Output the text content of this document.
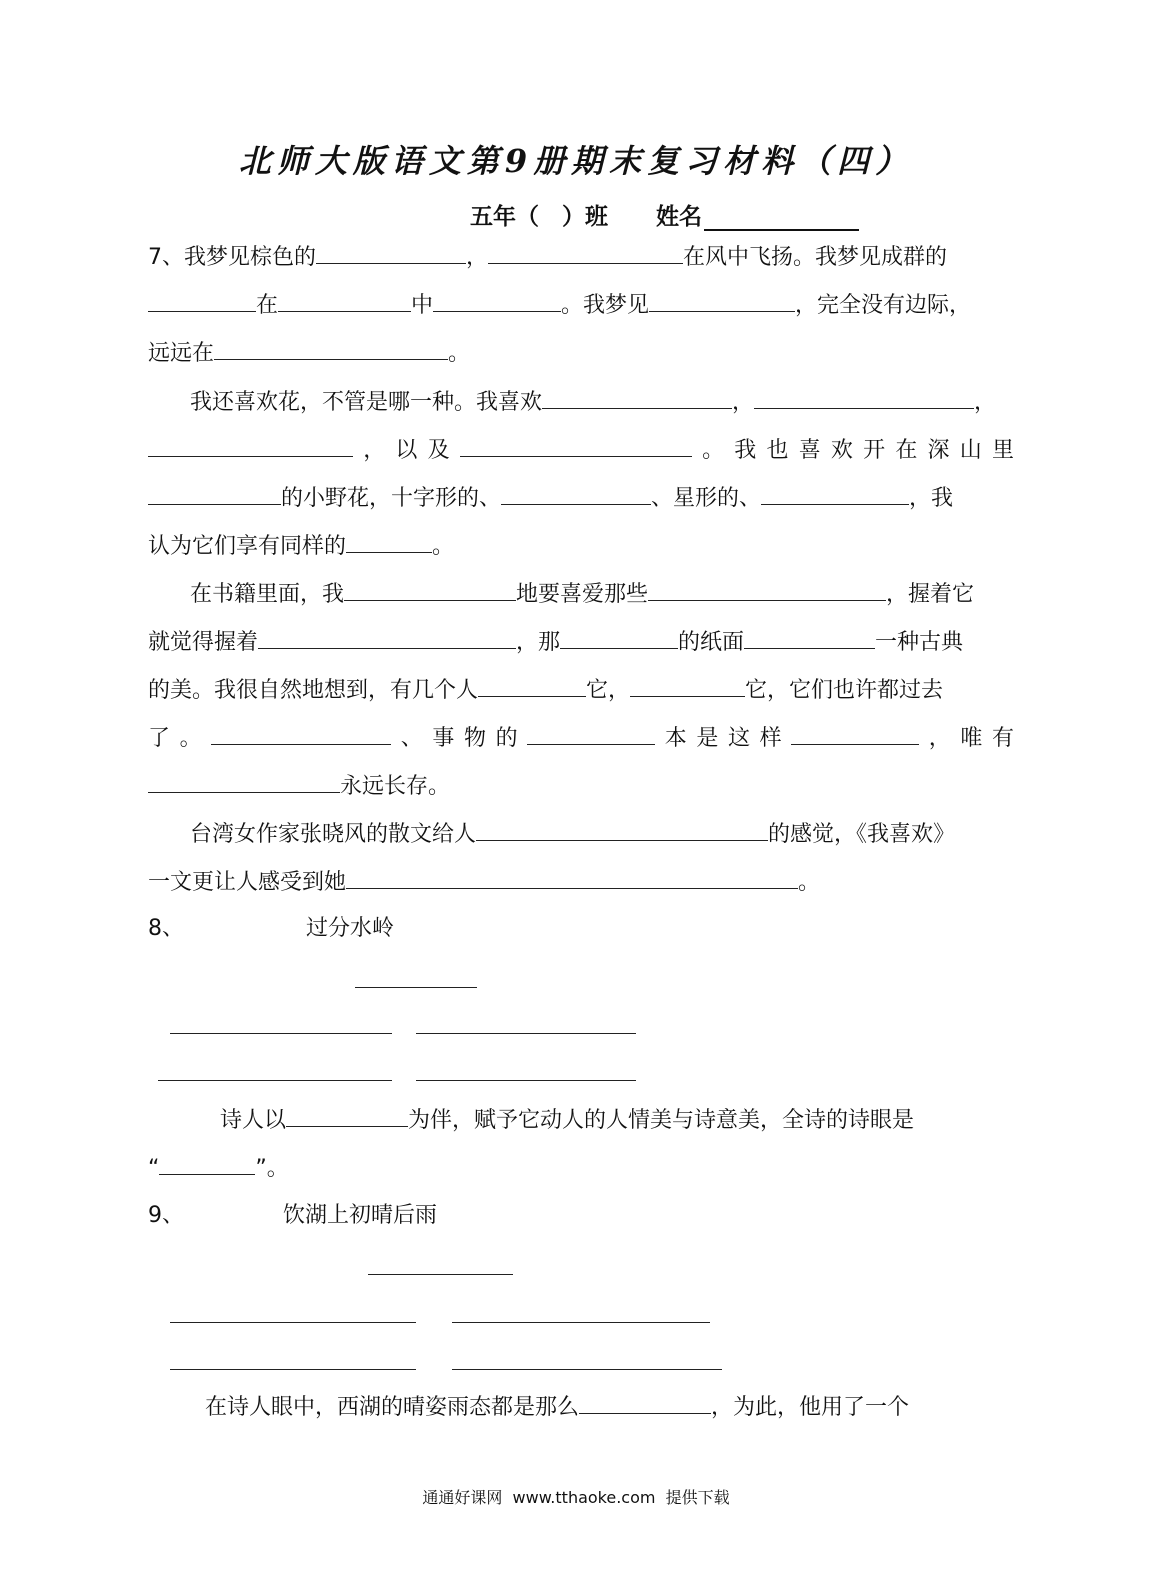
北师大版语文第9册期末复习材料（四）
五年（　）班 姓名
7、我梦见棕色的	，	在风中飞扬。我梦见成群的
在	中	。我梦见	，完全没有边际，
远远在	。
我还喜欢花，不管是哪一种。我喜欢	，	，
，以及	。我也喜欢开在深山里
的小野花，十字形的、	、星形的、	，我
认为它们享有同样的	。
在书籍里面，我	地要喜爱那些	，握着它
就觉得握着	，那	的纸面	一种古典
的美。我很自然地想到，有几个人	它，	它，它们也许都过去
了。	、事物的	本是这样	，唯有
永远长存。
台湾女作家张晓风的散文给人	的感觉，《我喜欢》
一文更让人感受到她	。
8、	过分水岭
诗人以	为伴，赋予它动人的人情美与诗意美，全诗的诗眼是
“	”。
9、	饮湖上初晴后雨
在诗人眼中，西湖的晴姿雨态都是那么	，为此，他用了一个
通通好课网  www.tthaoke.com  提供下载
